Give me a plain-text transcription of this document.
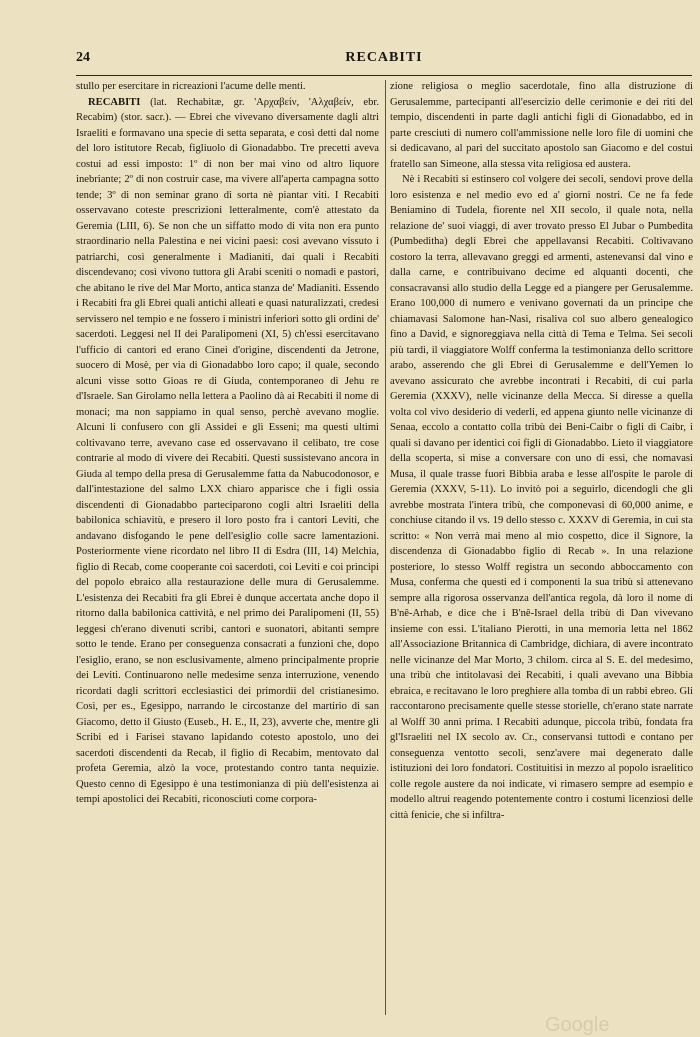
24	RECABITI

stullo per esercitare in ricreazioni l'acume delle menti.

RECABITI (lat. Rechabitæ, gr. 'Αρχαβείν, 'Αλχαβείν, ebr. Recabim) (stor. sacr.). — Ebrei che vivevano diversamente dagli altri Israeliti e formavano una specie di setta separata, e così detti dal nome del loro istitutore Recab, figliuolo di Gionadabbo. Tre precetti aveva costui ad essi imposto: 1º di non ber mai vino od altro liquore inebriante; 2º di non costruir case, ma vivere all'aperta campagna sotto tende; 3º di non seminar grano di sorta nè piantar viti. I Recabiti osservavano coteste prescrizioni letteralmente, com'è attestato da Geremia (LIII, 6). Se non che un siffatto modo di vita non era punto straordinario nella Palestina e nei vicini paesi: così avevano vissuto i patriarchi, così generalmente i Madianiti, dai quali i Recabiti discendevano; così vivono tuttora gli Arabi sceniti o nomadi e pastori, che abitano le rive del Mar Morto, antica stanza de' Madianiti. Essendo i Recabiti fra gli Ebrei quali antichi alleati e quasi naturalizzati, credesi servissero nel tempio e ne fossero i ministri inferiori sotto gli ordini de' sacerdoti. Leggesi nel II dei Paralipomeni (XI, 5) ch'essi esercitavano l'ufficio di cantori ed erano Cinei d'origine, discendenti da Jetrone, suocero di Mosè, per via di Gionadabbo loro capo; il quale, secondo alcuni visse sotto Gioas re di Giuda, contemporaneo di Jehu re d'Israele. San Girolamo nella lettera a Paolino dà ai Recabiti il nome di monaci; ma non sappiamo in qual senso, perchè avevano moglie. Alcuni li confusero con gli Assidei e gli Esseni; ma questi ultimi coltivavano terre, avevano case ed osservavano il celibato, tre cose contrarie al modo di vivere dei Recabiti. Questi sussistevano ancora in Giuda al tempo della presa di Gerusalemme fatta da Nabucodonosor, e dall'intestazione del salmo LXX chiaro apparisce che i figli ossia discendenti di Gionadabbo parteciparono cogli altri Israeliti della babilonica schiavitù, e presero il loro posto fra i cantori Leviti, che andavano disfogando le pene dell'esiglio colle sacre lamentazioni. Posteriormente viene ricordato nel libro II di Esdra (III, 14) Melchia, figlio di Recab, come cooperante coi sacerdoti, coi Leviti e coi principi del popolo ebraico alla restaurazione delle mura di Gerusalemme. L'esistenza dei Recabiti fra gli Ebrei è dunque accertata anche dopo il ritorno dalla babilonica cattività, e nel primo dei Paralipomeni (II, 55) leggesi ch'erano divenuti scribi, cantori e suonatori, abitanti sempre sotto le tende. Erano per conseguenza consacrati a funzioni che, dopo l'esiglio, erano, se non esclusivamente, almeno principalmente proprie dei Leviti. Continuarono nelle medesime senza interruzione, venendo ricordati dagli scrittori ecclesiastici dei primordii del cristianesimo. Così, per es., Egesippo, narrando le circostanze del martirio di san Giacomo, detto il Giusto (Euseb., H. E., II, 23), avverte che, mentre gli Scribi ed i Farisei stavano lapidando cotesto apostolo, uno dei sacerdoti discendenti da Recab, il figlio di Recabim, mentovato dal profeta Geremia, alzò la voce, protestando contro tanta nequizie. Questo cenno di Egesippo è una testimonianza di più dell'esistenza ai tempi apostolici dei Recabiti, riconosciuti come corpora-

zione religiosa o meglio sacerdotale, fino alla distruzione di Gerusalemme, partecipanti all'esercizio delle cerimonie e dei riti del tempio, discendenti in parte dagli antichi figli di Gionadabbo, ed in parte cresciuti di numero coll'ammissione nelle loro file di uomini che si dedicavano, al pari del succitato apostolo san Giacomo e del costui fratello san Simeone, alla stessa vita religiosa ed austera.

Nè i Recabiti si estinsero col volgere dei secoli, sendovi prove della loro esistenza e nel medio evo ed a' giorni nostri. Ce ne fa fede Beniamino di Tudela, fiorente nel XII secolo, il quale nota, nella relazione de' suoi viaggi, di aver trovato presso El Jubar o Pumbedita (Pumbeditha) degli Ebrei che appellavansi Recabiti. Coltivavano costoro la terra, allevavano greggi ed armenti, astenevansi dal vino e dalla carne, e contribuivano decime ed alquanti docenti, che consacravansi allo studio della Legge ed a piangere per Gerusalemme. Erano 100,000 di numero e venivano governati da un principe che chiamavasi Salomone han-Nasi, risaliva col suo albero genealogico fino a David, e signoreggiava nella città di Tema e Telma. Sei secoli più tardi, il viaggiatore Wolff conferma la testimonianza dello scrittore arabo, asserendo che gli Ebrei di Gerusalemme e dell'Yemen lo avevano assicurato che avrebbe incontrati i Recabiti, di cui parla Geremia (XXXV), nelle vicinanze della Mecca. Si diresse a quella volta col vivo desiderio di vederli, ed appena giunto nelle vicinanze di Senaa, eccolo a contatto colla tribù dei Beni-Caibr o figli di Caibr, i quali si davano per identici coi figli di Gionadabbo. Lieto il viaggiatore della scoperta, si mise a conversare con uno di essi, che nomavasi Musa, il quale trasse fuori Bibbia araba e lesse all'ospite le parole di Geremia (XXXV, 5-11). Lo invitò poi a seguirlo, dicendogli che gli avrebbe mostrata l'intera tribù, che componevasi di 60,000 anime, e conchiuse citando il vs. 19 dello stesso c. XXXV di Geremia, in cui sta scritto: « Non verrà mai meno al mio cospetto, dice il Signore, la discendenza di Gionadabbo figlio di Recab ». In una relazione posteriore, lo stesso Wolff registra un secondo abboccamento con Musa, conferma che questi ed i componenti la sua tribù si attenevano sempre alla rigorosa osservanza dell'antica regola, dà loro il nome di B'nê-Arhab, e dice che i B'nê-Israel della tribù di Dan vivevano insieme con essi. L'italiano Pierotti, in una memoria letta nel 1862 all'Associazione Britannica di Cambridge, dichiara, di avere incontrato nelle vicinanze del Mar Morto, 3 chilom. circa al S. E. del medesimo, una tribù che intitolavasi dei Recabiti, i quali avevano una Bibbia ebraica, e recitavano le loro preghiere alla tomba di un rabbi ebreo. Gli raccontarono precisamente quelle stesse storielle, ch'erano state narrate al Wolff 30 anni prima. I Recabiti adunque, piccola tribù, fondata fra gl'Israeliti nel IX secolo av. Cr., conservansi tuttodì e contano per conseguenza ventotto secoli, senz'avere mai degenerato dalle istituzioni dei loro fondatori. Costituitisi in mezzo al popolo israelitico colle regole austere da noi indicate, vi rimasero sempre ad esempio e modello altrui reagendo potentemente contro i costumi licenziosi delle città fenicie, che si infiltra-

Google
